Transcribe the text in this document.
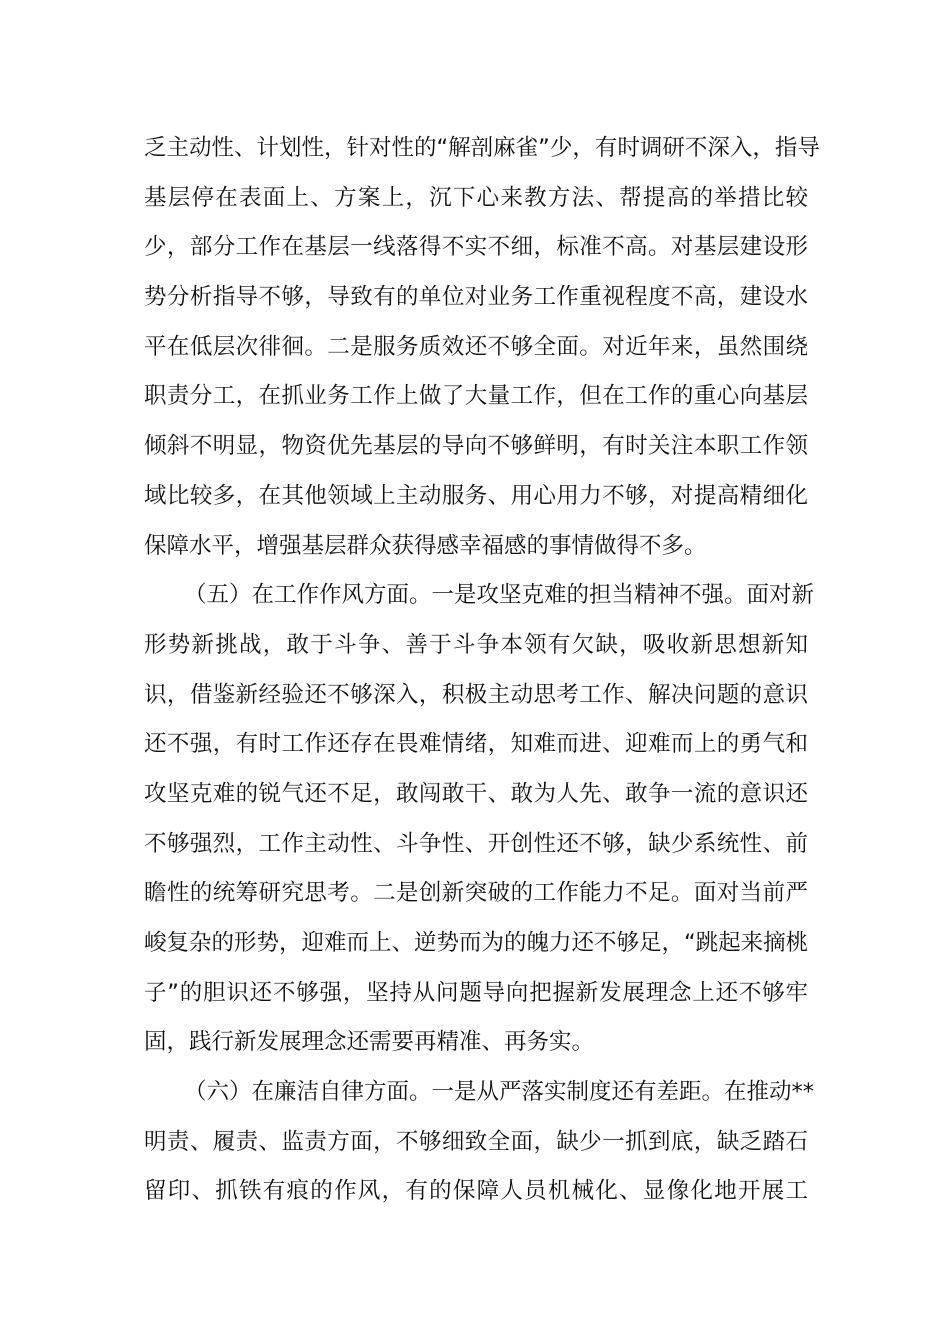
乏主动性、计划性，针对性的“解剖麻雀”少，有时调研不深入，指导
基层停在表面上、方案上，沉下心来教方法、帮提高的举措比较
少，部分工作在基层一线落得不实不细，标准不高。对基层建设形
势分析指导不够，导致有的单位对业务工作重视程度不高，建设水
平在低层次徘徊。二是服务质效还不够全面。对近年来，虽然围绕
职责分工，在抓业务工作上做了大量工作，但在工作的重心向基层
倾斜不明显，物资优先基层的导向不够鲜明，有时关注本职工作领
域比较多，在其他领域上主动服务、用心用力不够，对提高精细化
保障水平，增强基层群众获得感幸福感的事情做得不多。
（五）在工作作风方面。一是攻坚克难的担当精神不强。面对新
形势新挑战，敢于斗争、善于斗争本领有欠缺，吸收新思想新知
识，借鉴新经验还不够深入，积极主动思考工作、解决问题的意识
还不强，有时工作还存在畏难情绪，知难而进、迎难而上的勇气和
攻坚克难的锐气还不足，敢闯敢干、敢为人先、敢争一流的意识还
不够强烈，工作主动性、斗争性、开创性还不够，缺少系统性、前
瞻性的统筹研究思考。二是创新突破的工作能力不足。面对当前严
峻复杂的形势，迎难而上、逆势而为的魄力还不够足，“跳起来摘桃
子”的胆识还不够强，坚持从问题导向把握新发展理念上还不够牢
固，践行新发展理念还需要再精准、再务实。
（六）在廉洁自律方面。一是从严落实制度还有差距。在推动**
明责、履责、监责方面，不够细致全面，缺少一抓到底，缺乏踏石
留印、抓铁有痕的作风，有的保障人员机械化、显像化地开展工
